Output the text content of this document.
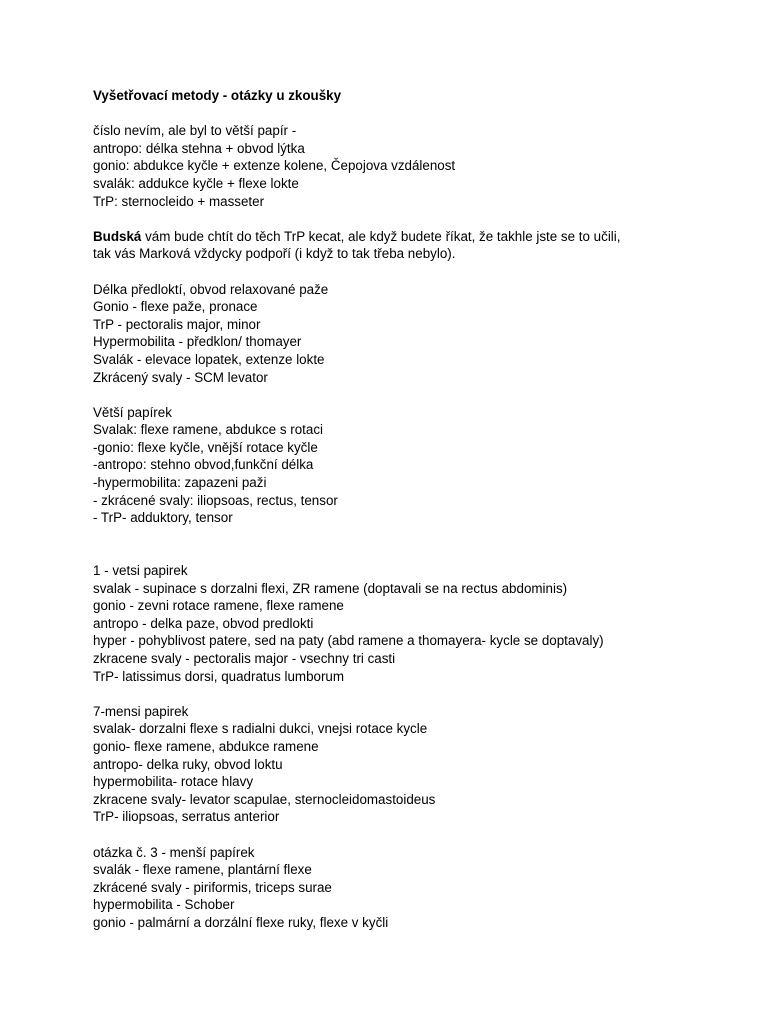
Vyšetřovací metody - otázky u zkoušky
číslo nevím, ale byl to větší papír -
antropo: délka stehna + obvod lýtka
gonio: abdukce kyčle + extenze kolene, Čepojova vzdálenost
svalák: addukce kyčle + flexe lokte
TrP: sternocleido + masseter
Budská vám bude chtít do těch TrP kecat, ale když budete říkat, že takhle jste se to učili,
tak vás Marková vždycky podpoří (i když to tak třeba nebylo).
Délka předloktí, obvod relaxované paže
Gonio - flexe paže, pronace
TrP - pectoralis major, minor
Hypermobilita - předklon/ thomayer
Svalák - elevace lopatek, extenze lokte
Zkrácený svaly - SCM levator
Větší papírek
Svalak: flexe ramene, abdukce s rotaci
-gonio: flexe kyčle, vnější rotace kyčle
-antropo: stehno obvod,funkční délka
-hypermobilita: zapazeni paži
- zkrácené svaly: iliopsoas, rectus, tensor
- TrP- adduktory, tensor
1 - vetsi papirek
svalak - supinace s dorzalni flexi, ZR ramene (doptavali se na rectus abdominis)
gonio - zevni rotace ramene, flexe ramene
antropo - delka paze, obvod predlokti
hyper - pohyblivost patere, sed na paty (abd ramene a thomayera- kycle se doptavaly)
zkracene svaly - pectoralis major - vsechny tri casti
TrP- latissimus dorsi, quadratus lumborum
7-mensi papirek
svalak- dorzalni flexe s radialni dukci, vnejsi rotace kycle
gonio- flexe ramene, abdukce ramene
antropo- delka ruky, obvod loktu
hypermobilita- rotace hlavy
zkracene svaly- levator scapulae, sternocleidomastoideus
TrP- iliopsoas, serratus anterior
otázka č. 3 - menší papírek
svalák - flexe ramene, plantární flexe
zkrácené svaly - piriformis, triceps surae
hypermobilita - Schober
gonio - palmární a dorzální flexe ruky, flexe v kyčli
